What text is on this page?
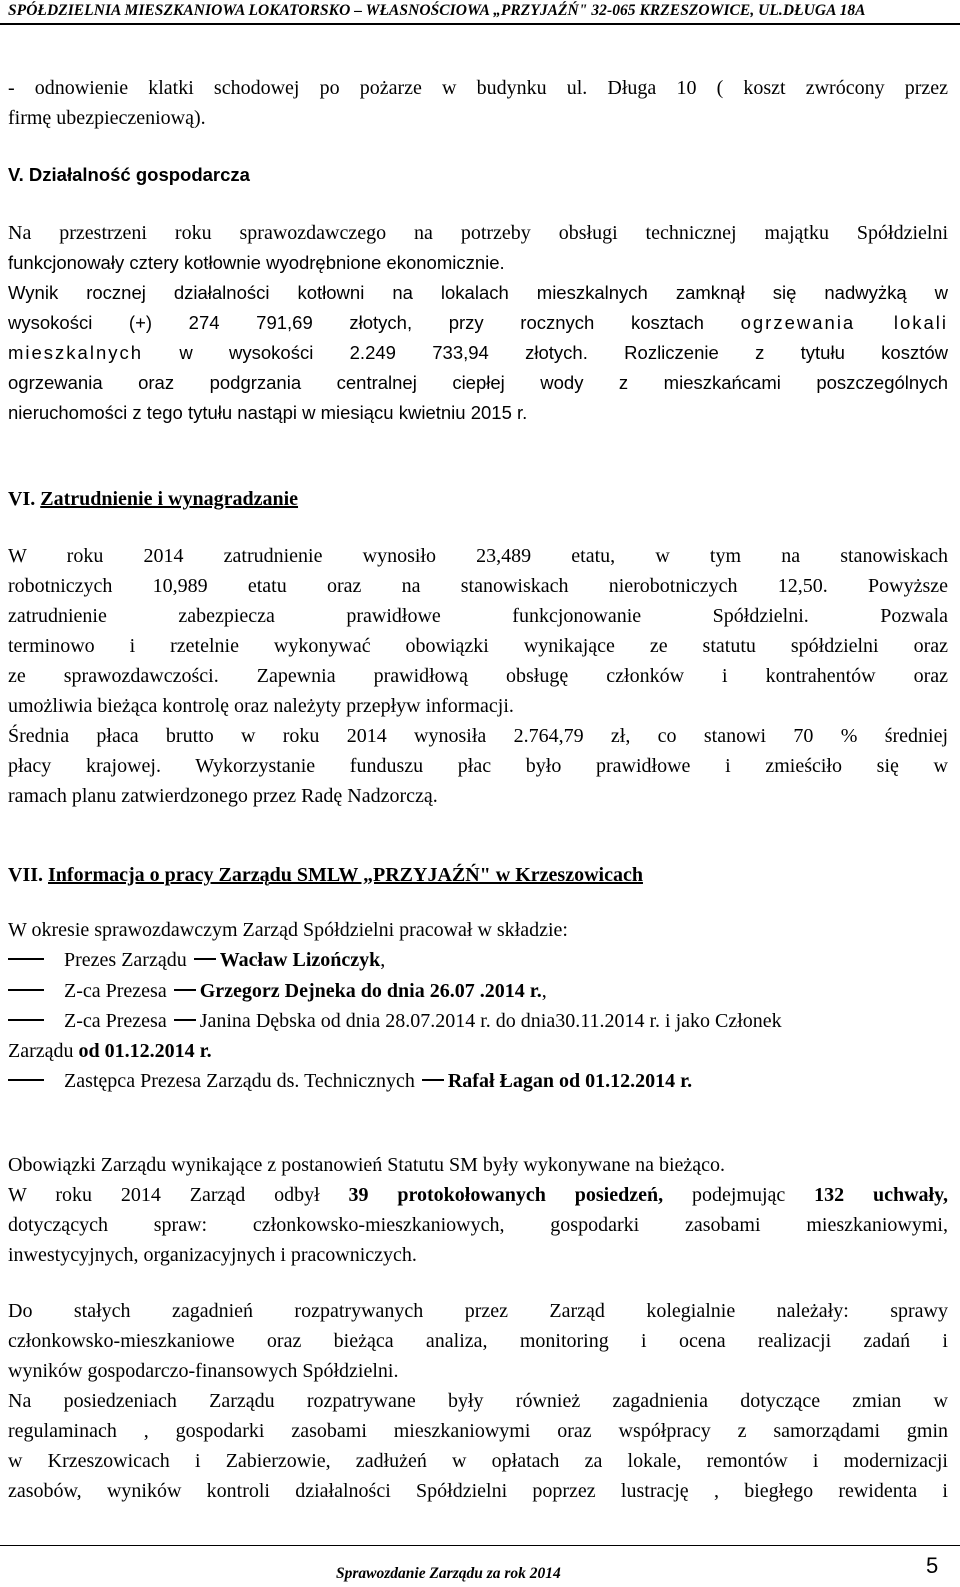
SPÓŁDZIELNIA MIESZKANIOWA LOKATORSKO – WŁASNOŚCIOWA „PRZYJAŹŃ" 32-065 KRZESZOWICE, UL.DŁUGA 18A
- odnowienie klatki schodowej po pożarze w budynku ul. Długa 10 ( koszt zwrócony przez
firmę ubezpieczeniową).
V. Działalność gospodarcza
Na przestrzeni roku sprawozdawczego na potrzeby obsługi technicznej majątku Spółdzielni
funkcjonowały cztery kotłownie wyodrębnione ekonomicznie.
Wynik rocznej działalności kotłowni na lokalach mieszkalnych zamknął się nadwyżką w
wysokości (+) 274 791,69 złotych, przy rocznych kosztach ogrzewania lokali
mieszkalnych w wysokości 2.249 733,94 złotych. Rozliczenie z tytułu kosztów
ogrzewania oraz podgrzania centralnej ciepłej wody z mieszkańcami poszczególnych
nieruchomości z tego tytułu nastąpi w miesiącu kwietniu 2015 r.
VI. Zatrudnienie i wynagradzanie
W roku 2014 zatrudnienie wynosiło 23,489 etatu, w tym na stanowiskach
robotniczych 10,989 etatu oraz na stanowiskach nierobotniczych 12,50. Powyższe
zatrudnienie zabezpiecza prawidłowe funkcjonowanie Spółdzielni. Pozwala
terminowo i rzetelnie wykonywać obowiązki wynikające ze statutu spółdzielni oraz
ze sprawozdawczości. Zapewnia prawidłową obsługę członków i kontrahentów oraz
umożliwia bieżąca kontrolę oraz należyty przepływ informacji.
Średnia płaca brutto w roku 2014 wynosiła 2.764,79 zł, co stanowi 70 % średniej
płacy krajowej. Wykorzystanie funduszu płac było prawidłowe i zmieściło się w
ramach planu zatwierdzonego przez Radę Nadzorczą.
VII. Informacja o pracy Zarządu SMLW „PRZYJAŹŃ" w Krzeszowicach
W okresie sprawozdawczym Zarząd Spółdzielni pracował w składzie:
Prezes Zarządu Wacław Lizończyk,
Z-ca Prezesa Grzegorz Dejneka do dnia 26.07 .2014 r.,
Z-ca Prezesa Janina Dębska od dnia 28.07.2014 r. do dnia30.11.2014 r. i jako Członek
Zarządu od 01.12.2014 r.
Zastępca Prezesa Zarządu ds. Technicznych Rafał Łagan od 01.12.2014 r.
Obowiązki Zarządu wynikające z postanowień Statutu SM były wykonywane na bieżąco.
W roku 2014 Zarząd odbył 39 protokołowanych posiedzeń, podejmując 132 uchwały,
dotyczących spraw: członkowsko-mieszkaniowych, gospodarki zasobami mieszkaniowymi,
inwestycyjnych, organizacyjnych i pracowniczych.
Do stałych zagadnień rozpatrywanych przez Zarząd kolegialnie należały: sprawy
członkowsko-mieszkaniowe oraz bieżąca analiza, monitoring i ocena realizacji zadań i
wyników gospodarczo-finansowych Spółdzielni.
Na posiedzeniach Zarządu rozpatrywane były również zagadnienia dotyczące zmian w
regulaminach , gospodarki zasobami mieszkaniowymi oraz współpracy z samorządami gmin
w Krzeszowicach i Zabierzowie, zadłużeń w opłatach za lokale, remontów i modernizacji
zasobów, wyników kontroli działalności Spółdzielni poprzez lustrację , biegłego rewidenta i
Sprawozdanie Zarządu za rok 2014	5
